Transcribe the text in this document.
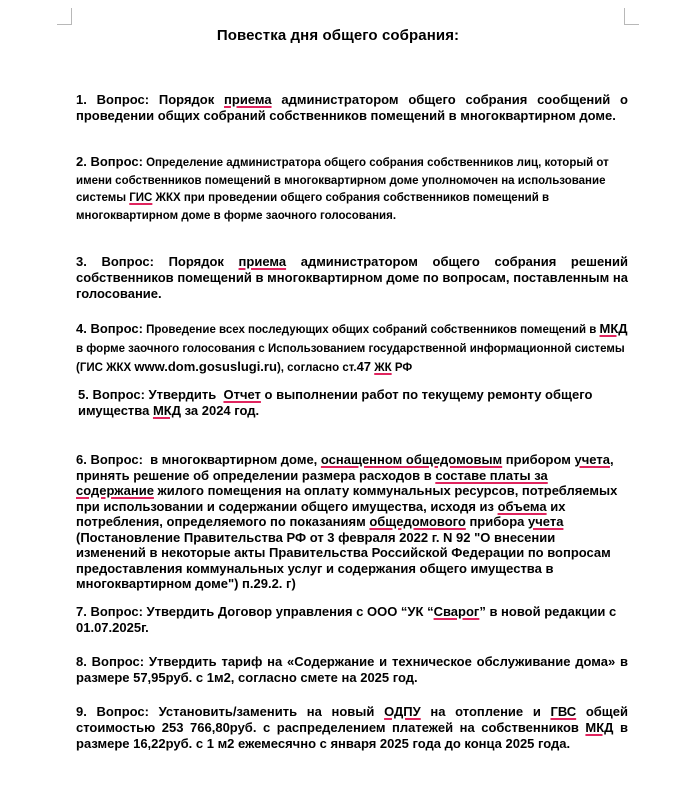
Повестка дня общего собрания:

1. Вопрос: Порядок приема администратором общего собрания сообщений о проведении общих собраний собственников помещений в многоквартирном доме.

2. Вопрос: Определение администратора общего собрания собственников лиц, который от имени собственников помещений в многоквартирном доме уполномочен на использование системы ГИС ЖКХ при проведении общего собрания собственников помещений в многоквартирном доме в форме заочного голосования.

3. Вопрос: Порядок приема администратором общего собрания решений собственников помещений в многоквартирном доме по вопросам, поставленным на голосование.

4. Вопрос: Проведение всех последующих общих собраний собственников помещений в МКД в форме заочного голосования с Использованием государственной информационной системы (ГИС ЖКХ www.dom.gosuslugi.ru), согласно ст.47 ЖК РФ

5. Вопрос: Утвердить  Отчет о выполнении работ по текущему ремонту общего имущества МКД за 2024 год.

6. Вопрос:  в многоквартирном доме, оснащенном общедомовым прибором учета, принять решение об определении размера расходов в составе платы за содержание жилого помещения на оплату коммунальных ресурсов, потребляемых при использовании и содержании общего имущества, исходя из объема их потребления, определяемого по показаниям общедомового прибора учета (Постановление Правительства РФ от 3 февраля 2022 г. N 92 "О внесении изменений в некоторые акты Правительства Российской Федерации по вопросам предоставления коммунальных услуг и содержания общего имущества в многоквартирном доме") п.29.2. г)

7. Вопрос: Утвердить Договор управления с ООО “УК “Сварог” в новой редакции с 01.07.2025г.

8. Вопрос: Утвердить тариф на «Содержание и техническое обслуживание дома» в размере 57,95руб. с 1м2, согласно смете на 2025 год.

9. Вопрос: Установить/заменить на новый ОДПУ на отопление и ГВС общей стоимостью 253 766,80руб. с распределением платежей на собственников МКД в размере 16,22руб. с 1 м2 ежемесячно с января 2025 года до конца 2025 года.
